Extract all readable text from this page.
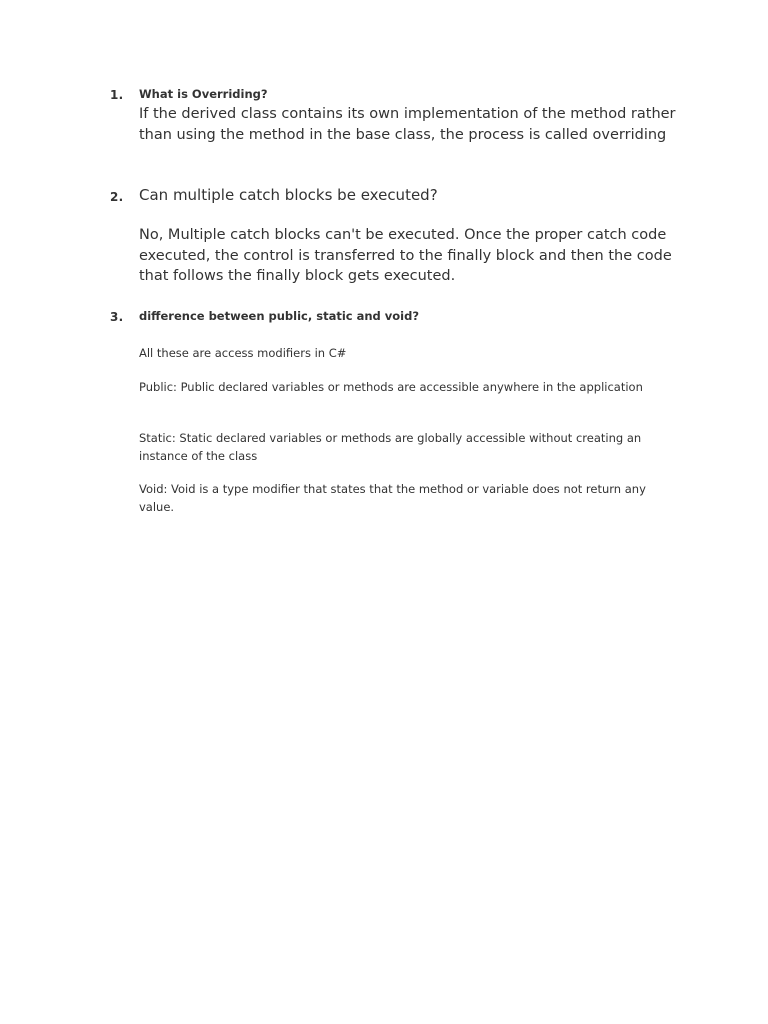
1. What is Overriding?
If the derived class contains its own implementation of the method rather than using the method in the base class, the process is called overriding
2. Can multiple catch blocks be executed?
No, Multiple catch blocks can't be executed. Once the proper catch code executed, the control is transferred to the finally block and then the code that follows the finally block gets executed.
3. difference between public, static and void?
All these are access modifiers in C#
Public: Public declared variables or methods are accessible anywhere in the application
Static: Static declared variables or methods are globally accessible without creating an instance of the class
Void: Void is a type modifier that states that the method or variable does not return any value.
